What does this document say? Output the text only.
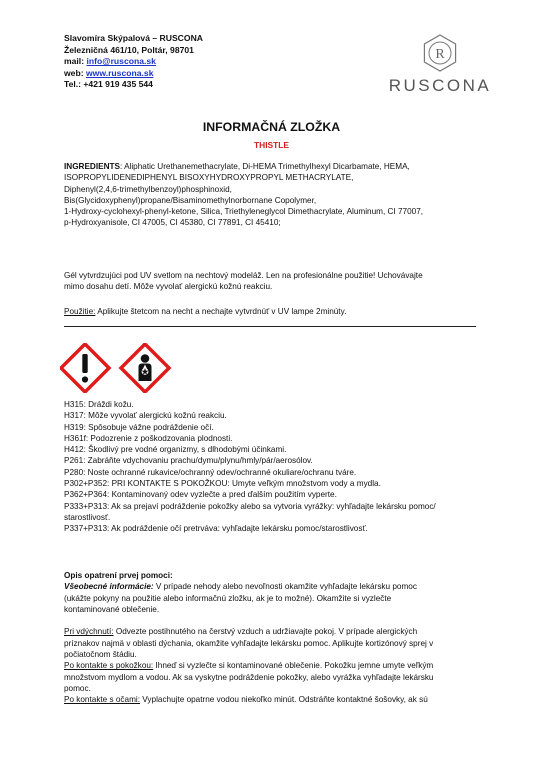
Slavomíra Skýpalová – RUSCONA
Železničná 461/10, Poltár, 98701
mail: info@ruscona.sk
web: www.ruscona.sk
Tel.: +421 919 435 544
R
RUSCONA
INFORMAČNÁ ZLOŽKA
THISTLE
INGREDIENTS: Aliphatic Urethanemethacrylate, Di-HEMA Trimethylhexyl Dicarbamate, HEMA,
ISOPROPYLIDENEDIPHENYL BISOXYHYDROXYPROPYL METHACRYLATE,
Diphenyl(2,4,6-trimethylbenzoyl)phosphinoxid,
Bis(Glycidoxyphenyl)propane/Bisaminomethylnorbornane Copolymer,
1-Hydroxy-cyclohexyl-phenyl-ketone, Silica, Triethyleneglycol Dimethacrylate, Aluminum, CI 77007,
p-Hydroxyanisole, CI 47005, CI 45380, CI 77891, CI 45410;
Gél vytvrdzujúci pod UV svetlom na nechtový modeláž. Len na profesionálne použitie! Uchovávajte
mimo dosahu detí. Môže vyvolať alergickú kožnú reakciu.
Použitie: Aplikujte štetcom na necht a nechajte vytvrdnúť v UV lampe 2minúty.
H315: Dráždi kožu.
H317: Môže vyvolať alergickú kožnú reakciu.
H319: Spôsobuje vážne podráždenie očí.
H361f: Podozrenie z poškodzovania plodnosti.
H412: Škodlivý pre vodné organizmy, s dlhodobými účinkami.
P261: Zabráňte vdychovaniu prachu/dymu/plynu/hmly/pár/aerosólov.
P280: Noste ochranné rukavice/ochranný odev/ochranné okuliare/ochranu tváre.
P302+P352: PRI KONTAKTE S POKOŽKOU: Umyte veľkým množstvom vody a mydla.
P362+P364: Kontaminovaný odev vyzlečte a pred ďalším použitím vyperte.
P333+P313: Ak sa prejaví podráždenie pokožky alebo sa vytvoria vyrážky: vyhľadajte lekársku pomoc/
starostlivosť.
P337+P313: Ak podráždenie očí pretrváva: vyhľadajte lekársku pomoc/starostlivosť.
Opis opatrení prvej pomoci:
Všeobecné informácie: V prípade nehody alebo nevoľnosti okamžite vyhľadajte lekársku pomoc
(ukážte pokyny na použitie alebo informačnú zložku, ak je to možné). Okamžite si vyzlečte
kontaminované oblečenie.
Pri vdýchnutí: Odvezte postihnutého na čerstvý vzduch a udržiavajte pokoj. V prípade alergických
príznakov najmä v oblasti dýchania, okamžite vyhľadajte lekársku pomoc. Aplikujte kortizónový sprej v
počiatočnom štádiu.
Po kontakte s pokožkou: Ihneď si vyzlečte si kontaminované oblečenie. Pokožku jemne umyte veľkým
množstvom mydlom a vodou. Ak sa vyskytne podráždenie pokožky, alebo vyrážka vyhľadajte lekársku
pomoc.
Po kontakte s očami: Vyplachujte opatrne vodou niekoľko minút. Odstráňte kontaktné šošovky, ak sú
